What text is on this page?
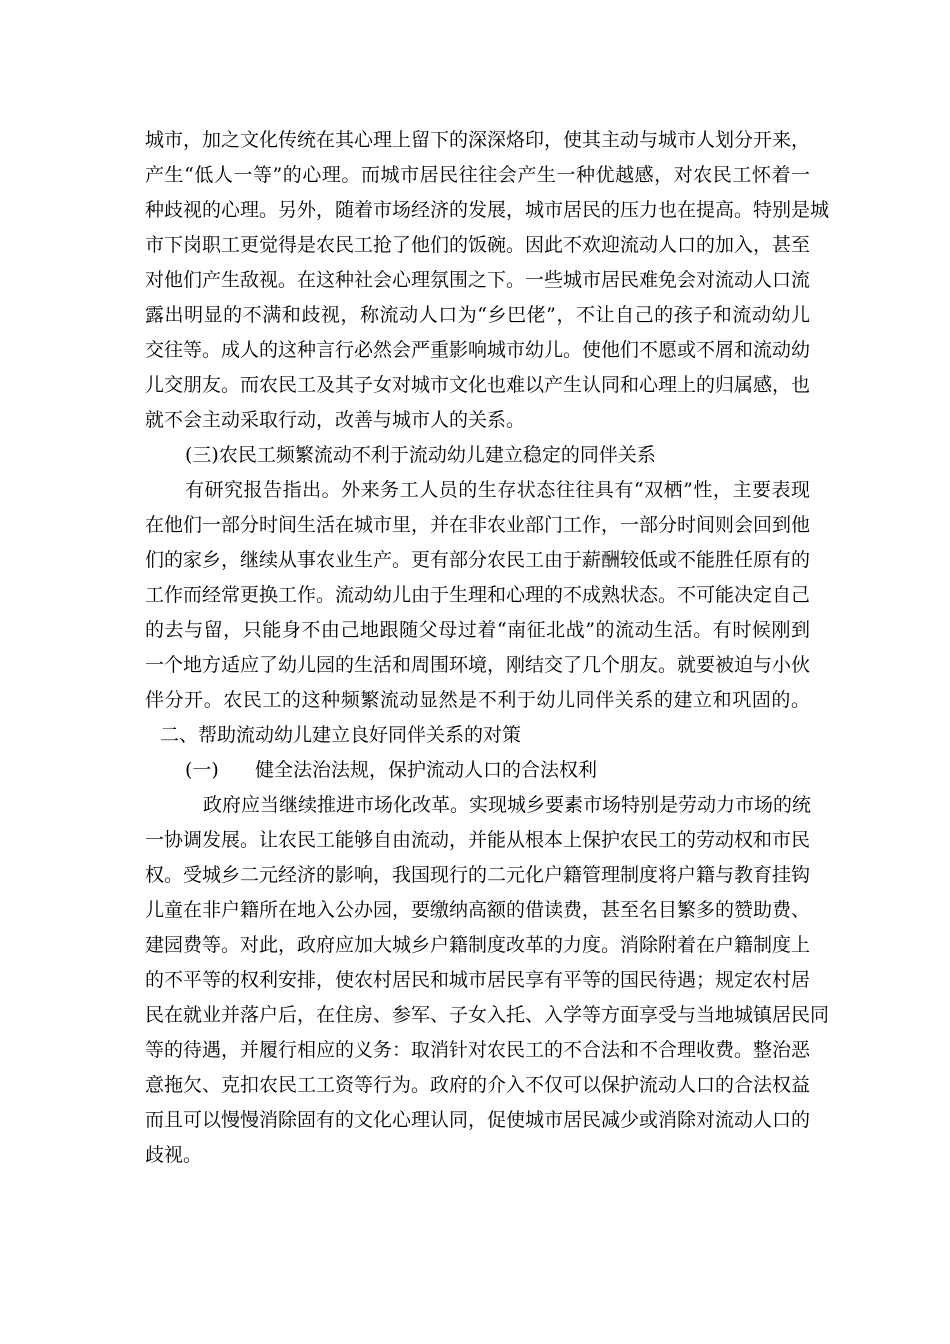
城市，加之文化传统在其心理上留下的深深烙印，使其主动与城市人划分开来，
产生“低人一等”的心理。而城市居民往往会产生一种优越感，对农民工怀着一
种歧视的心理。另外，随着市场经济的发展，城市居民的压力也在提高。特别是城
市下岗职工更觉得是农民工抢了他们的饭碗。因此不欢迎流动人口的加入，甚至
对他们产生敌视。在这种社会心理氛围之下。一些城市居民难免会对流动人口流
露出明显的不满和歧视，称流动人口为“乡巴佬”，不让自己的孩子和流动幼儿
交往等。成人的这种言行必然会严重影响城市幼儿。使他们不愿或不屑和流动幼
儿交朋友。而农民工及其子女对城市文化也难以产生认同和心理上的归属感，也
就不会主动采取行动，改善与城市人的关系。
(三)农民工频繁流动不利于流动幼儿建立稳定的同伴关系
有研究报告指出。外来务工人员的生存状态往往具有“双栖”性，主要表现
在他们一部分时间生活在城市里，并在非农业部门工作，一部分时间则会回到他
们的家乡，继续从事农业生产。更有部分农民工由于薪酬较低或不能胜任原有的
工作而经常更换工作。流动幼儿由于生理和心理的不成熟状态。不可能决定自己
的去与留，只能身不由己地跟随父母过着“南征北战”的流动生活。有时候刚到
一个地方适应了幼儿园的生活和周围环境，刚结交了几个朋友。就要被迫与小伙
伴分开。农民工的这种频繁流动显然是不利于幼儿同伴关系的建立和巩固的。
二、帮助流动幼儿建立良好同伴关系的对策
(一)	健全法治法规，保护流动人口的合法权利
政府应当继续推进市场化改革。实现城乡要素市场特别是劳动力市场的统
一协调发展。让农民工能够自由流动，并能从根本上保护农民工的劳动权和市民
权。受城乡二元经济的影响，我国现行的二元化户籍管理制度将户籍与教育挂钩
儿童在非户籍所在地入公办园，要缴纳高额的借读费，甚至名目繁多的赞助费、
建园费等。对此，政府应加大城乡户籍制度改革的力度。消除附着在户籍制度上
的不平等的权利安排，使农村居民和城市居民享有平等的国民待遇；规定农村居
民在就业并落户后，在住房、参军、子女入托、入学等方面享受与当地城镇居民同
等的待遇，并履行相应的义务：取消针对农民工的不合法和不合理收费。整治恶
意拖欠、克扣农民工工资等行为。政府的介入不仅可以保护流动人口的合法权益
而且可以慢慢消除固有的文化心理认同，促使城市居民减少或消除对流动人口的
歧视。
